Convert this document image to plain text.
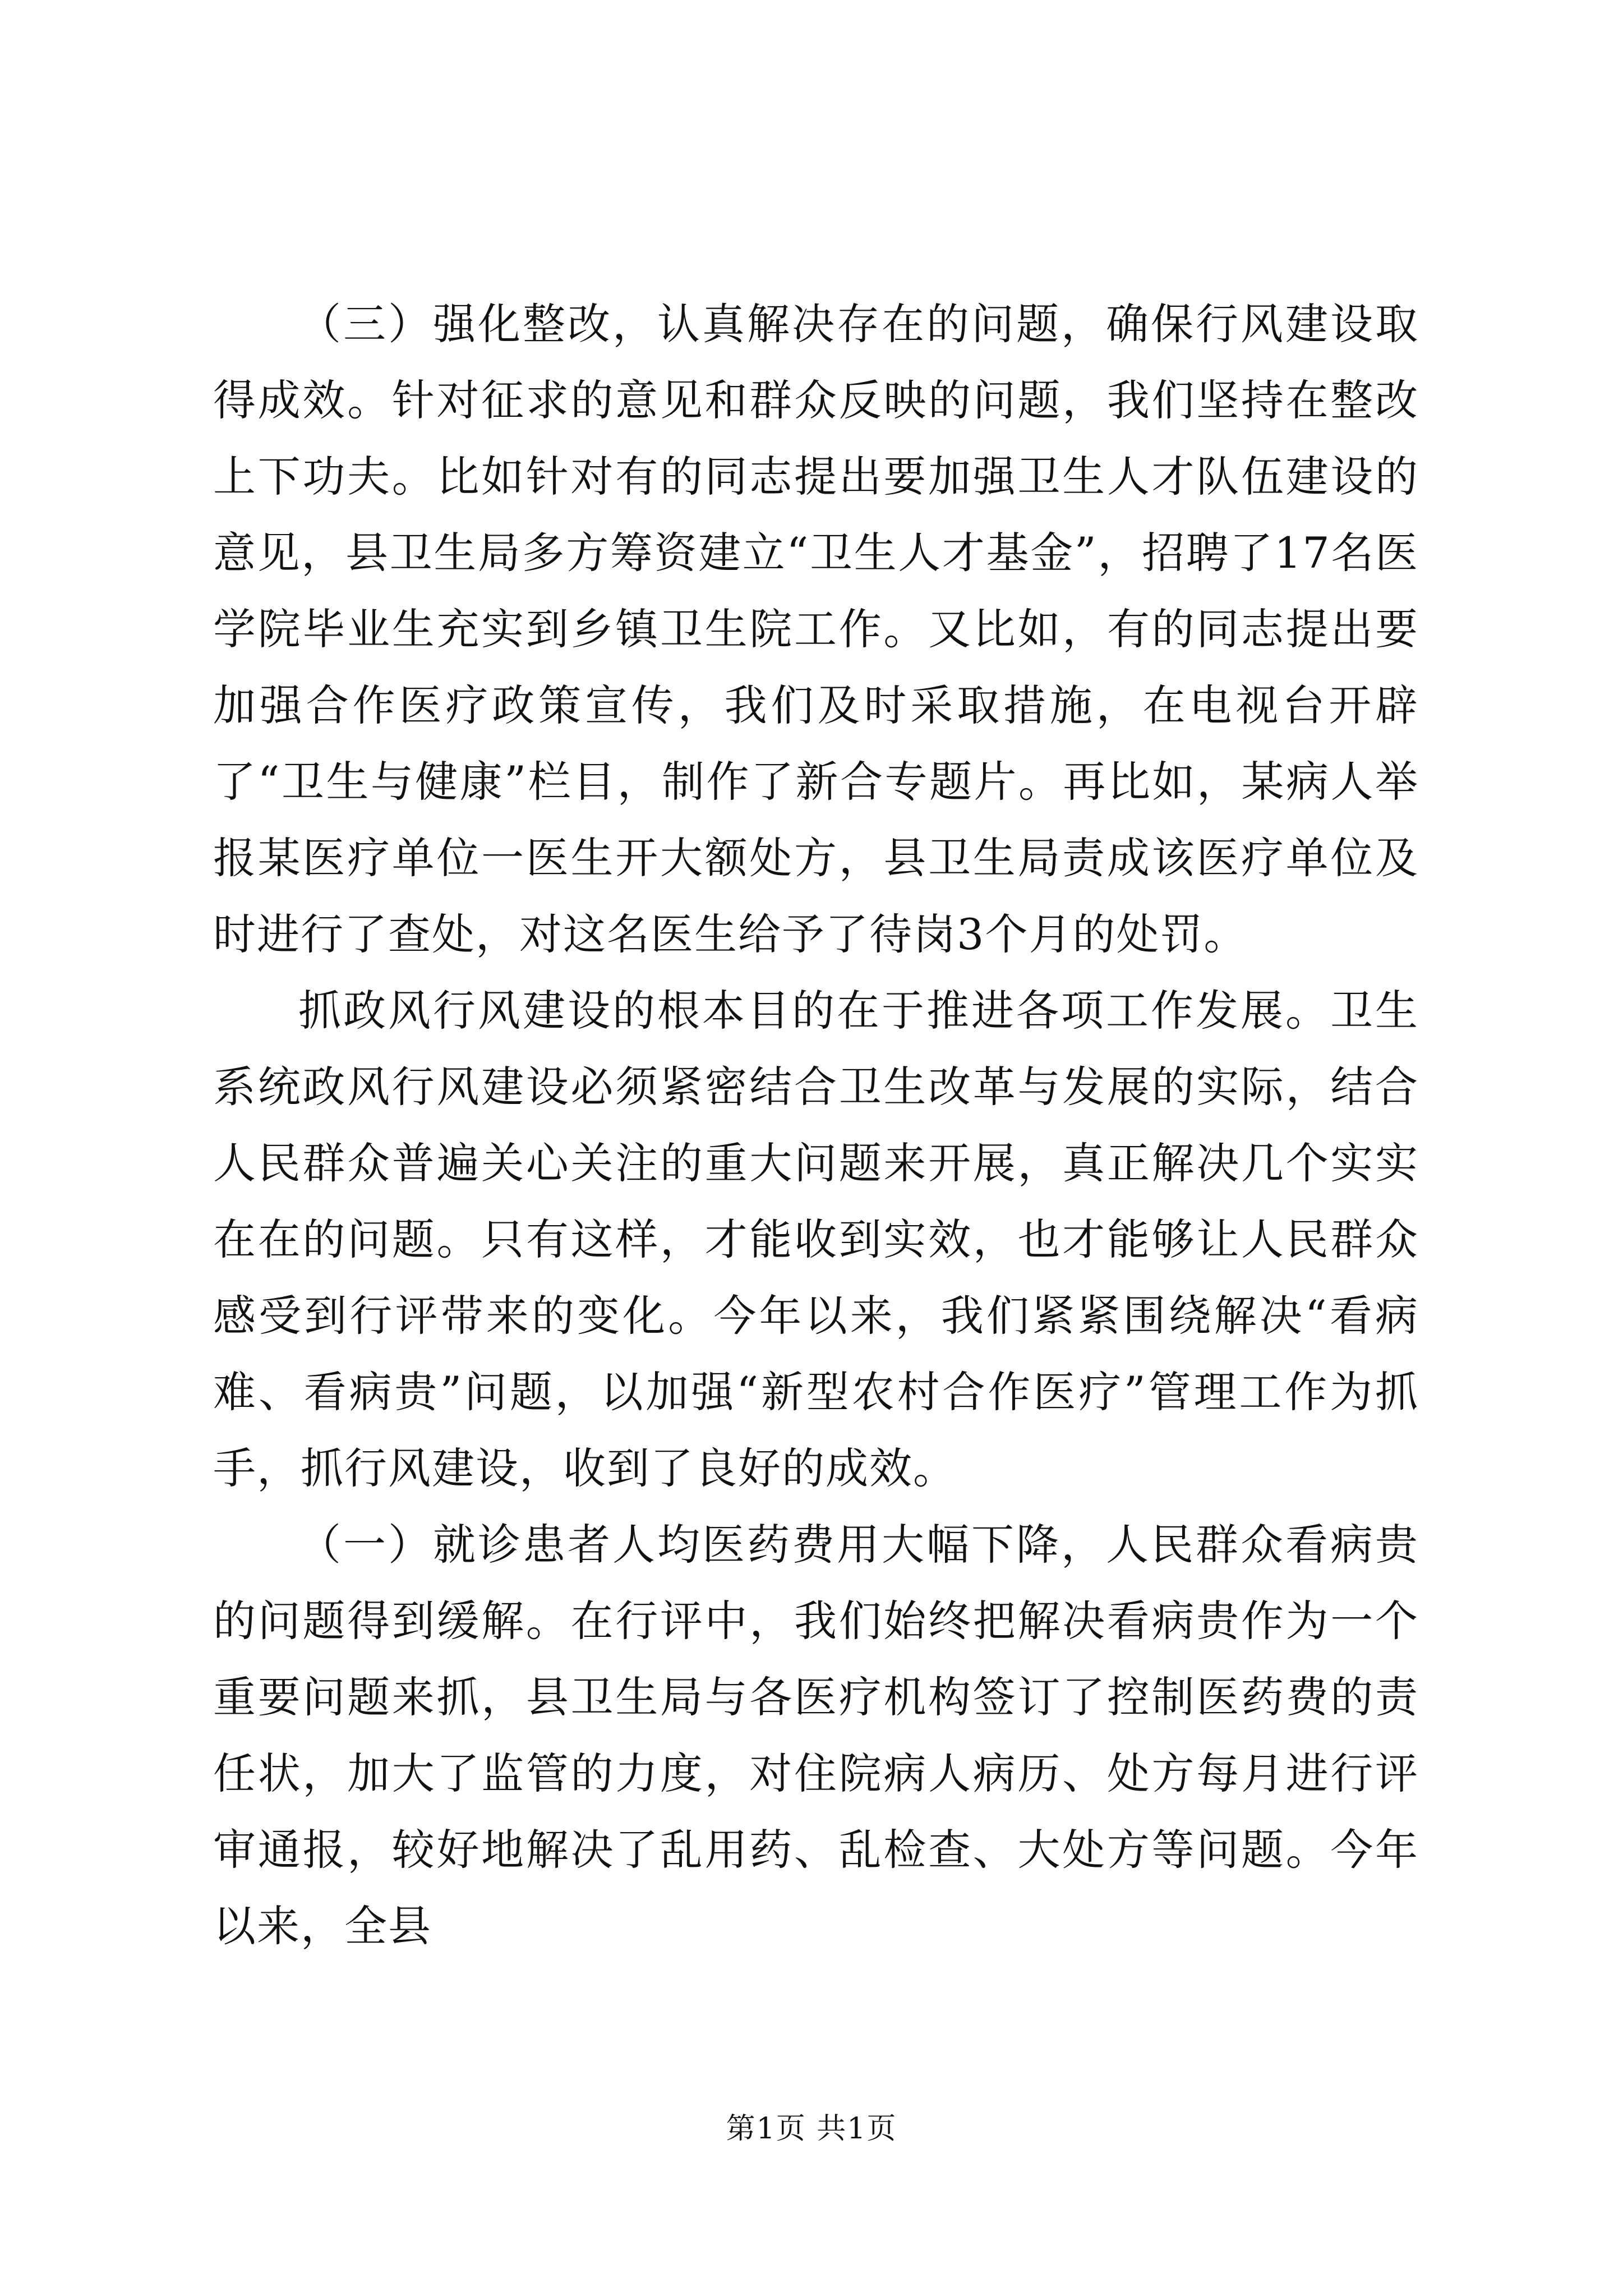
（三）强化整改，认真解决存在的问题，确保行风建设取得成效。针对征求的意见和群众反映的问题，我们坚持在整改上下功夫。比如针对有的同志提出要加强卫生人才队伍建设的意见，县卫生局多方筹资建立“卫生人才基金”，招聘了17名医学院毕业生充实到乡镇卫生院工作。又比如，有的同志提出要加强合作医疗政策宣传，我们及时采取措施，在电视台开辟了“卫生与健康”栏目，制作了新合专题片。再比如，某病人举报某医疗单位一医生开大额处方，县卫生局责成该医疗单位及时进行了查处，对这名医生给予了待岗3个月的处罚。

抓政风行风建设的根本目的在于推进各项工作发展。卫生系统政风行风建设必须紧密结合卫生改革与发展的实际，结合人民群众普遍关心关注的重大问题来开展，真正解决几个实实在在的问题。只有这样，才能收到实效，也才能够让人民群众感受到行评带来的变化。今年以来，我们紧紧围绕解决“看病难、看病贵”问题，以加强“新型农村合作医疗”管理工作为抓手，抓行风建设，收到了良好的成效。

（一）就诊患者人均医药费用大幅下降，人民群众看病贵的问题得到缓解。在行评中，我们始终把解决看病贵作为一个重要问题来抓，县卫生局与各医疗机构签订了控制医药费的责任状，加大了监管的力度，对住院病人病历、处方每月进行评审通报，较好地解决了乱用药、乱检查、大处方等问题。今年以来，全县

第1页 共1页
